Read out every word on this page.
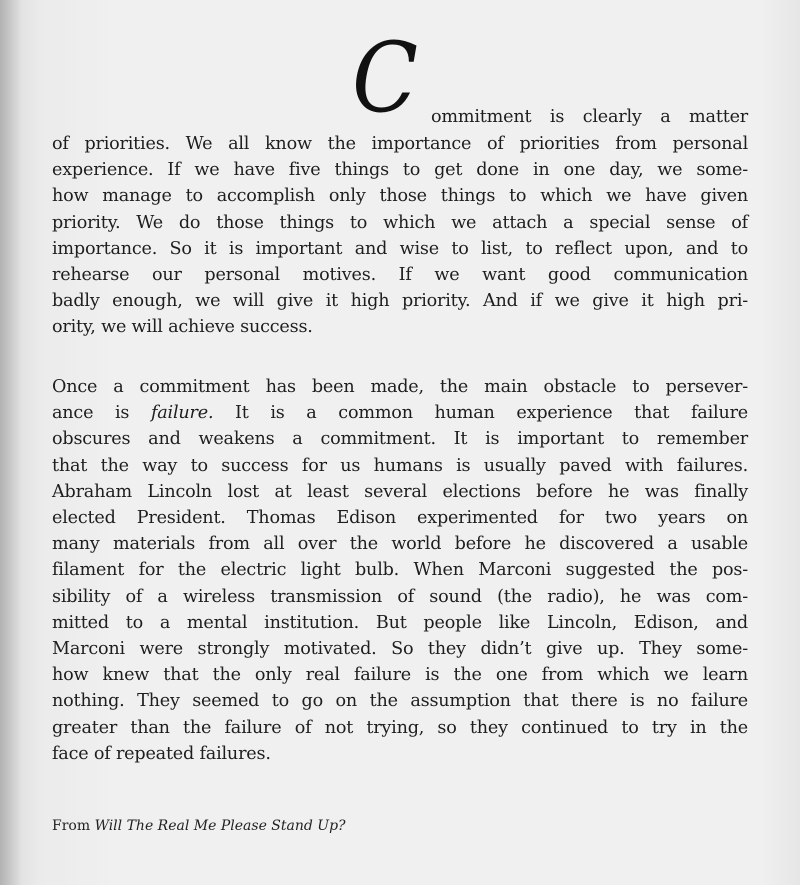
C ommitment is clearly a matter
of priorities. We all know the importance of priorities from personal
experience. If we have five things to get done in one day, we some-
how manage to accomplish only those things to which we have given
priority. We do those things to which we attach a special sense of
importance. So it is important and wise to list, to reflect upon, and to
rehearse our personal motives. If we want good communication
badly enough, we will give it high priority. And if we give it high pri-
ority, we will achieve success.
Once a commitment has been made, the main obstacle to persever-
ance is failure. It is a common human experience that failure
obscures and weakens a commitment. It is important to remember
that the way to success for us humans is usually paved with failures.
Abraham Lincoln lost at least several elections before he was finally
elected President. Thomas Edison experimented for two years on
many materials from all over the world before he discovered a usable
filament for the electric light bulb. When Marconi suggested the pos-
sibility of a wireless transmission of sound (the radio), he was com-
mitted to a mental institution. But people like Lincoln, Edison, and
Marconi were strongly motivated. So they didn’t give up. They some-
how knew that the only real failure is the one from which we learn
nothing. They seemed to go on the assumption that there is no failure
greater than the failure of not trying, so they continued to try in the
face of repeated failures.
From Will The Real Me Please Stand Up?
